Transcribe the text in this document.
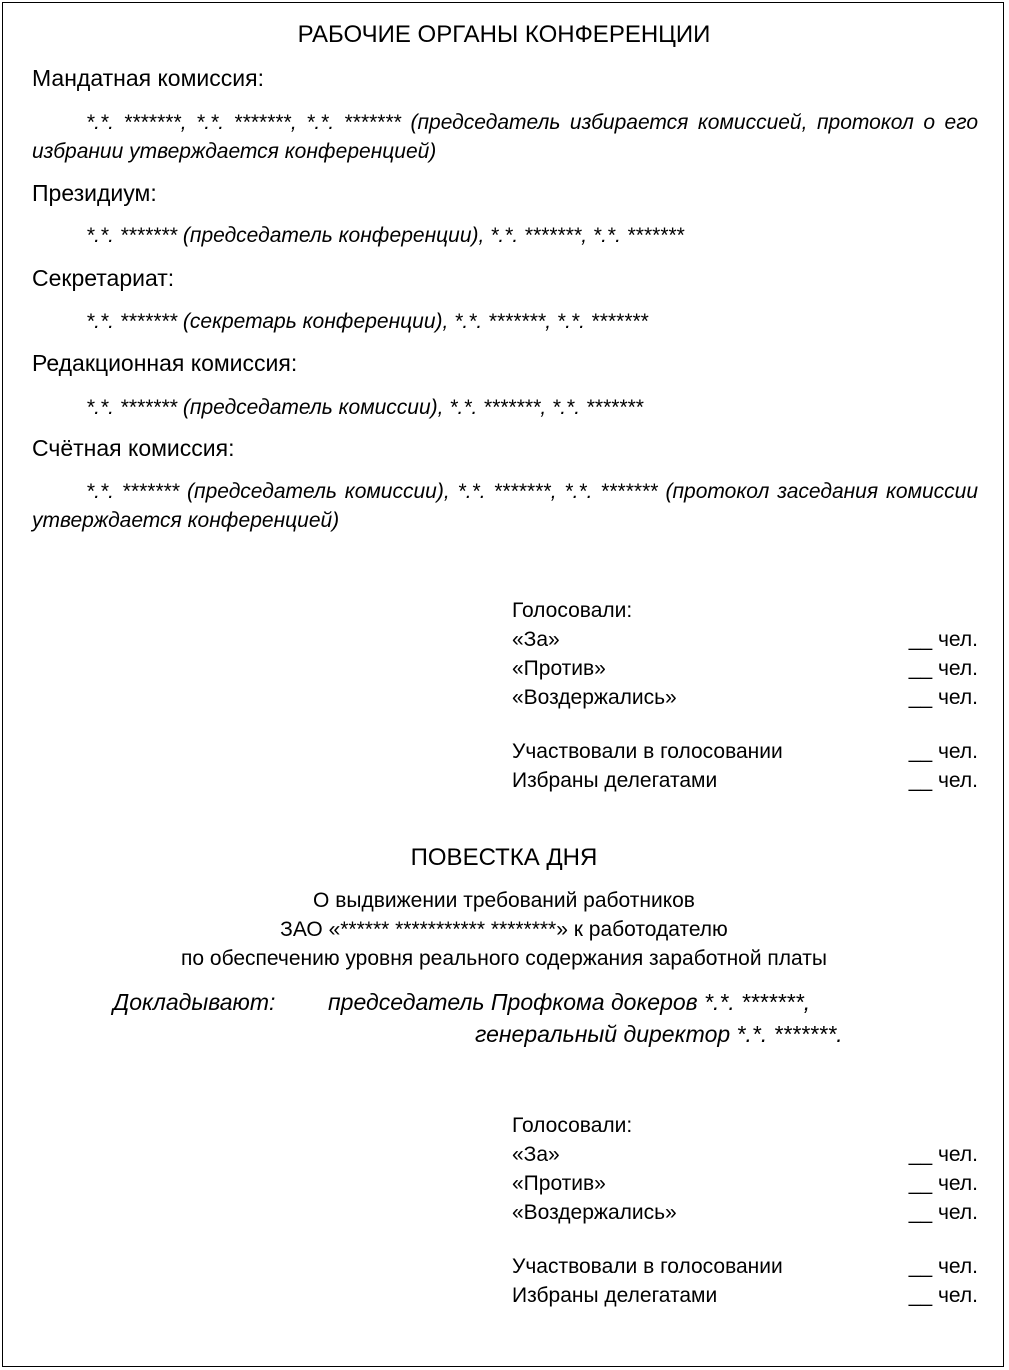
РАБОЧИЕ ОРГАНЫ КОНФЕРЕНЦИИ

Мандатная комиссия:

*.*. *******, *.*. *******, *.*. ******* (председатель избирается комиссией, протокол о его избрании утверждается конференцией)

Президиум:

*.*. ******* (председатель конференции), *.*. *******, *.*. *******

Секретариат:

*.*. ******* (секретарь конференции), *.*. *******, *.*. *******

Редакционная комиссия:

*.*. ******* (председатель комиссии), *.*. *******, *.*. *******

Счётная комиссия:

*.*. ******* (председатель комиссии), *.*. *******, *.*. ******* (протокол заседания комиссии утверждается конференцией)

Голосовали:
«За»	__ чел.
«Против»	__ чел.
«Воздержались»	__ чел.
Участвовали в голосовании	__ чел.
Избраны делегатами	__ чел.

ПОВЕСТКА ДНЯ

О выдвижении требований работников
ЗАО «****** *********** ********» к работодателю
по обеспечению уровня реального содержания заработной платы

Докладывают: председатель Профкома докеров *.*. *******,

генеральный директор *.*. *******.

Голосовали:
«За»	__ чел.
«Против»	__ чел.
«Воздержались»	__ чел.
Участвовали в голосовании	__ чел.
Избраны делегатами	__ чел.
